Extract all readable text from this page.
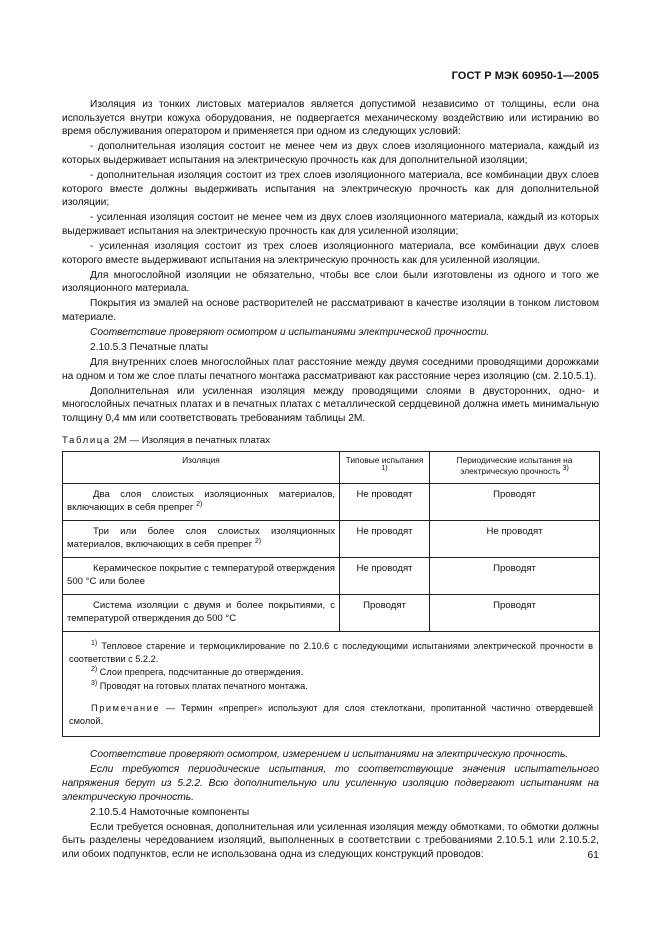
ГОСТ Р МЭК 60950-1—2005

Изоляция из тонких листовых материалов является допустимой независимо от толщины, если она используется внутри кожуха оборудования, не подвергается механическому воздействию или истиранию во время обслуживания оператором и применяется при одном из следующих условий:

- дополнительная изоляция состоит не менее чем из двух слоев изоляционного материала, каждый из которых выдерживает испытания на электрическую прочность как для дополнительной изоляции;

- дополнительная изоляция состоит из трех слоев изоляционного материала, все комбинации двух слоев которого вместе должны выдерживать испытания на электрическую прочность как для дополнительной изоляции;

- усиленная изоляция состоит не менее чем из двух слоев изоляционного материала, каждый из которых выдерживает испытания на электрическую прочность как для усиленной изоляции;

- усиленная изоляция состоит из трех слоев изоляционного материала, все комбинации двух слоев которого вместе выдерживают испытания на электрическую прочность как для усиленной изоляции.

Для многослойной изоляции не обязательно, чтобы все слои были изготовлены из одного и того же изоляционного материала.

Покрытия из эмалей на основе растворителей не рассматривают в качестве изоляции в тонком листовом материале.

Соответствие проверяют осмотром и испытаниями электрической прочности.

2.10.5.3 Печатные платы

Для внутренних слоев многослойных плат расстояние между двумя соседними проводящими дорожками на одном и том же слое платы печатного монтажа рассматривают как расстояние через изоляцию (см. 2.10.5.1).

Дополнительная или усиленная изоляция между проводящими слоями в двусторонних, одно- и многослойных печатных платах и в печатных платах с металлической сердцевиной должна иметь минимальную толщину 0,4 мм или соответствовать требованиям таблицы 2М.

Таблица 2М — Изоляция в печатных платах
Изоляция	Типовые испытания $^{1)}$	Периодические испытания на электрическую прочность $^{3)}$
Два слоя слоистых изоляционных материалов, включающих в себя препрег $^{2)}$	Не проводят	Проводят
Три или более слоя слоистых изоляционных материалов, включающих в себя препрег $^{2)}$	Не проводят	Не проводят
Керамическое покрытие с температурой отверждения 500 °С или более	Не проводят	Проводят
Система изоляции с двумя и более покрытиями, с температурой отверждения до 500 °С	Проводят	Проводят

$^{1)}$ Тепловое старение и термоциклирование по 2.10.6 с последующими испытаниями электрической прочности в соответствии с 5.2.2.
$^{2)}$ Слои препрега, подсчитанные до отверждения.
$^{3)}$ Проводят на готовых платах печатного монтажа.
Примечание — Термин «препрег» используют для слоя стеклоткани, пропитанной частично отвердевшей смолой.		

Соответствие проверяют осмотром, измерением и испытаниями на электрическую прочность.

Если требуются периодические испытания, то соответствующие значения испытательного напряжения берут из 5.2.2. Всю дополнительную или усиленную изоляцию подвергают испытаниям на электрическую прочность.

2.10.5.4 Намоточные компоненты

Если требуется основная, дополнительная или усиленная изоляция между обмотками, то обмотки должны быть разделены чередованием изоляций, выполненных в соответствии с требованиями 2.10.5.1 или 2.10.5.2, или обоих подпунктов, если не использована одна из следующих конструкций проводов:	61
